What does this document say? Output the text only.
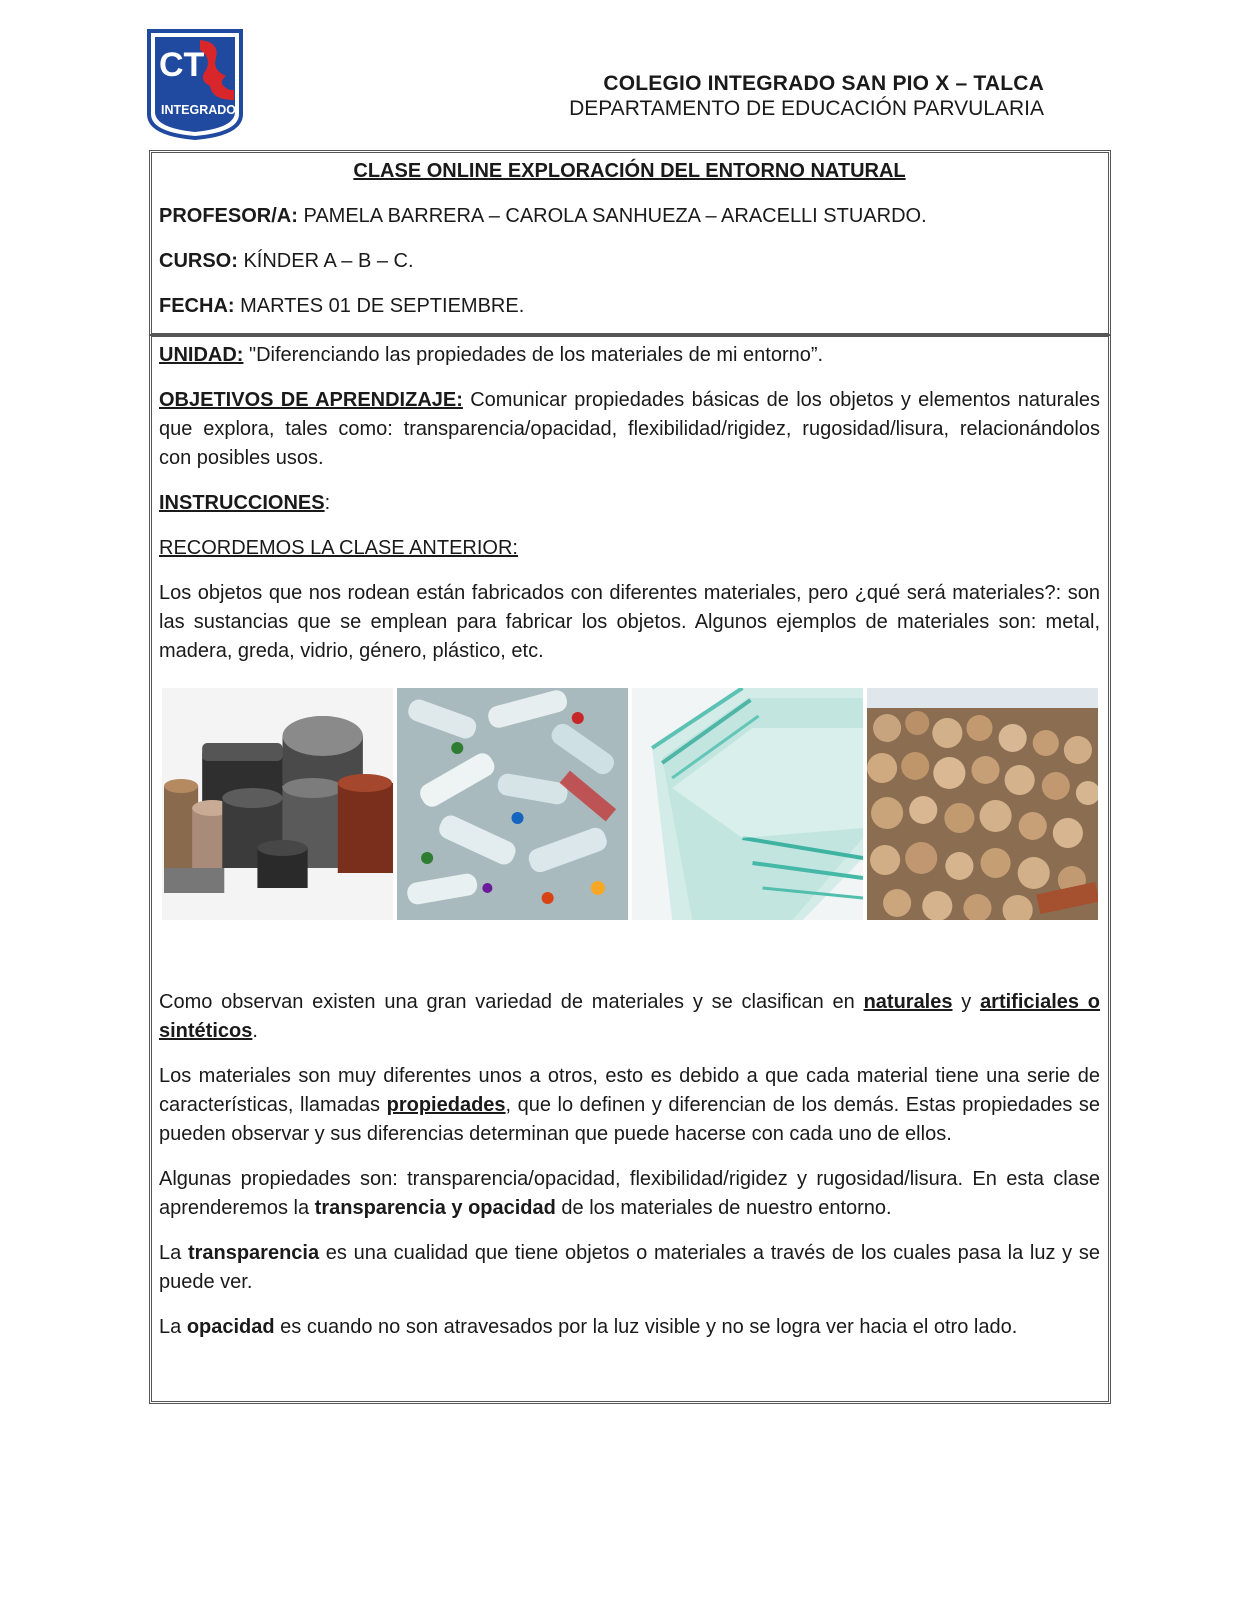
CT
INTEGRADO
COLEGIO INTEGRADO SAN PIO X – TALCA
DEPARTAMENTO DE EDUCACIÓN PARVULARIA
CLASE ONLINE EXPLORACIÓN DEL ENTORNO NATURAL
PROFESOR/A: PAMELA BARRERA – CAROLA SANHUEZA – ARACELLI STUARDO.
CURSO: KÍNDER A – B – C.
FECHA: MARTES 01 DE SEPTIEMBRE.
UNIDAD: "Diferenciando las propiedades de los materiales de mi entorno”.
OBJETIVOS DE APRENDIZAJE: Comunicar propiedades básicas de los objetos y elementos naturales que explora, tales como: transparencia/opacidad, flexibilidad/rigidez, rugosidad/lisura, relacionándolos con posibles usos.
INSTRUCCIONES:
RECORDEMOS LA CLASE ANTERIOR:
Los objetos que nos rodean están fabricados con diferentes materiales, pero ¿qué será materiales?: son las sustancias que se emplean para fabricar los objetos. Algunos ejemplos de materiales son: metal, madera, greda, vidrio, género, plástico, etc.
Como observan existen una gran variedad de materiales y se clasifican en naturales y artificiales o sintéticos.
Los materiales son muy diferentes unos a otros, esto es debido a que cada material tiene una serie de características, llamadas propiedades, que lo definen y diferencian de los demás. Estas propiedades se pueden observar y sus diferencias determinan que puede hacerse con cada uno de ellos.
Algunas propiedades son: transparencia/opacidad, flexibilidad/rigidez y rugosidad/lisura. En esta clase aprenderemos la transparencia y opacidad de los materiales de nuestro entorno.
La transparencia es una cualidad que tiene objetos o materiales a través de los cuales pasa la luz y se puede ver.
La opacidad es cuando no son atravesados por la luz visible y no se logra ver hacia el otro lado.
